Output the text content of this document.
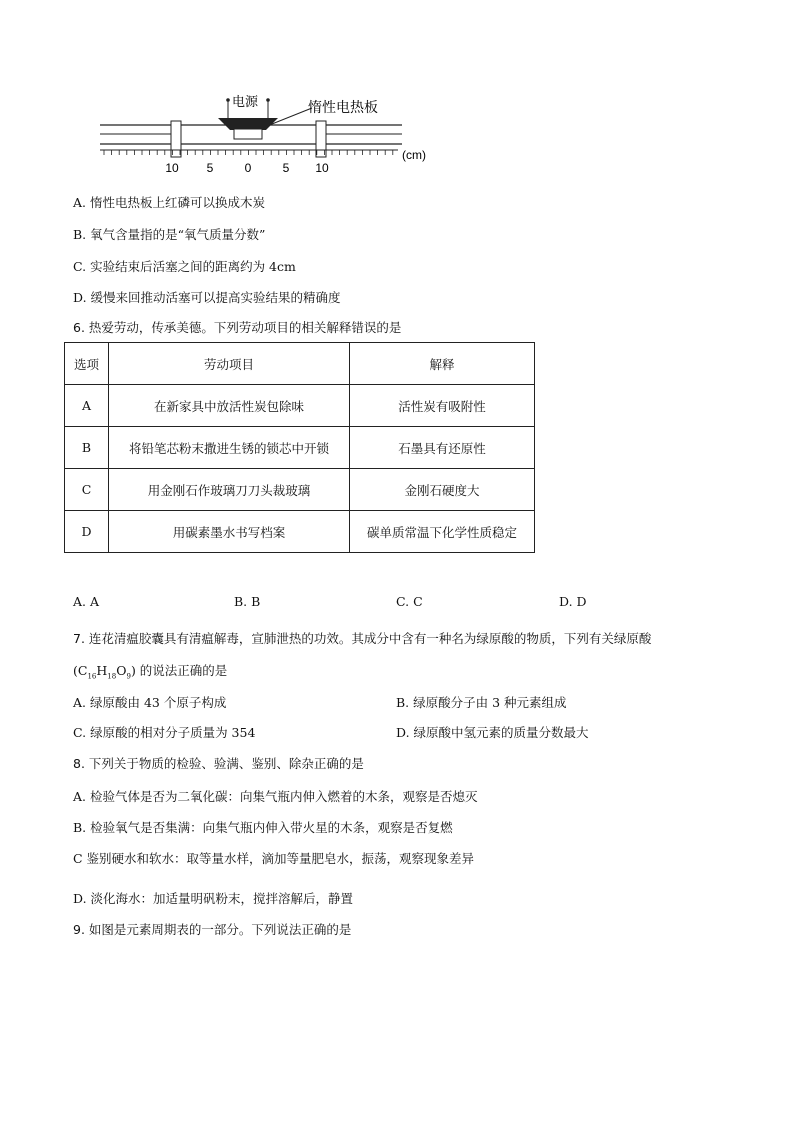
电源	惰性电热板
(cm)
10 5	0	5 10
A. 惰性电热板上红磷可以换成木炭
B. 氧气含量指的是“氧气质量分数”
C. 实验结束后活塞之间的距离约为 4cm
D. 缓慢来回推动活塞可以提高实验结果的精确度
6. 热爱劳动，传承美德。下列劳动项目的相关解释错误的是
选项	劳动项目	解释
A	在新家具中放活性炭包除味	活性炭有吸附性
B	将铅笔芯粉末撒进生锈的锁芯中开锁	石墨具有还原性
C	用金刚石作玻璃刀刀头裁玻璃	金刚石硬度大
D	用碳素墨水书写档案	碳单质常温下化学性质稳定
A. A	B. B	C. C	D. D
7. 连花清瘟胶囊具有清瘟解毒，宣肺泄热的功效。其成分中含有一种名为绿原酸的物质，下列有关绿原酸
$(C_{16}H_{18}O_9)$ 的说法正确的是
A. 绿原酸由 43 个原子构成	B. 绿原酸分子由 3 种元素组成
C. 绿原酸的相对分子质量为 354	D. 绿原酸中氢元素的质量分数最大
8. 下列关于物质的检验、验满、鉴别、除杂正确的是
A. 检验气体是否为二氧化碳：向集气瓶内伸入燃着的木条，观察是否熄灭
B. 检验氧气是否集满：向集气瓶内伸入带火星的木条，观察是否复燃
C 鉴别硬水和软水：取等量水样，滴加等量肥皂水，振荡，观察现象差异
D. 淡化海水：加适量明矾粉末，搅拌溶解后，静置
9. 如图是元素周期表的一部分。下列说法正确的是
